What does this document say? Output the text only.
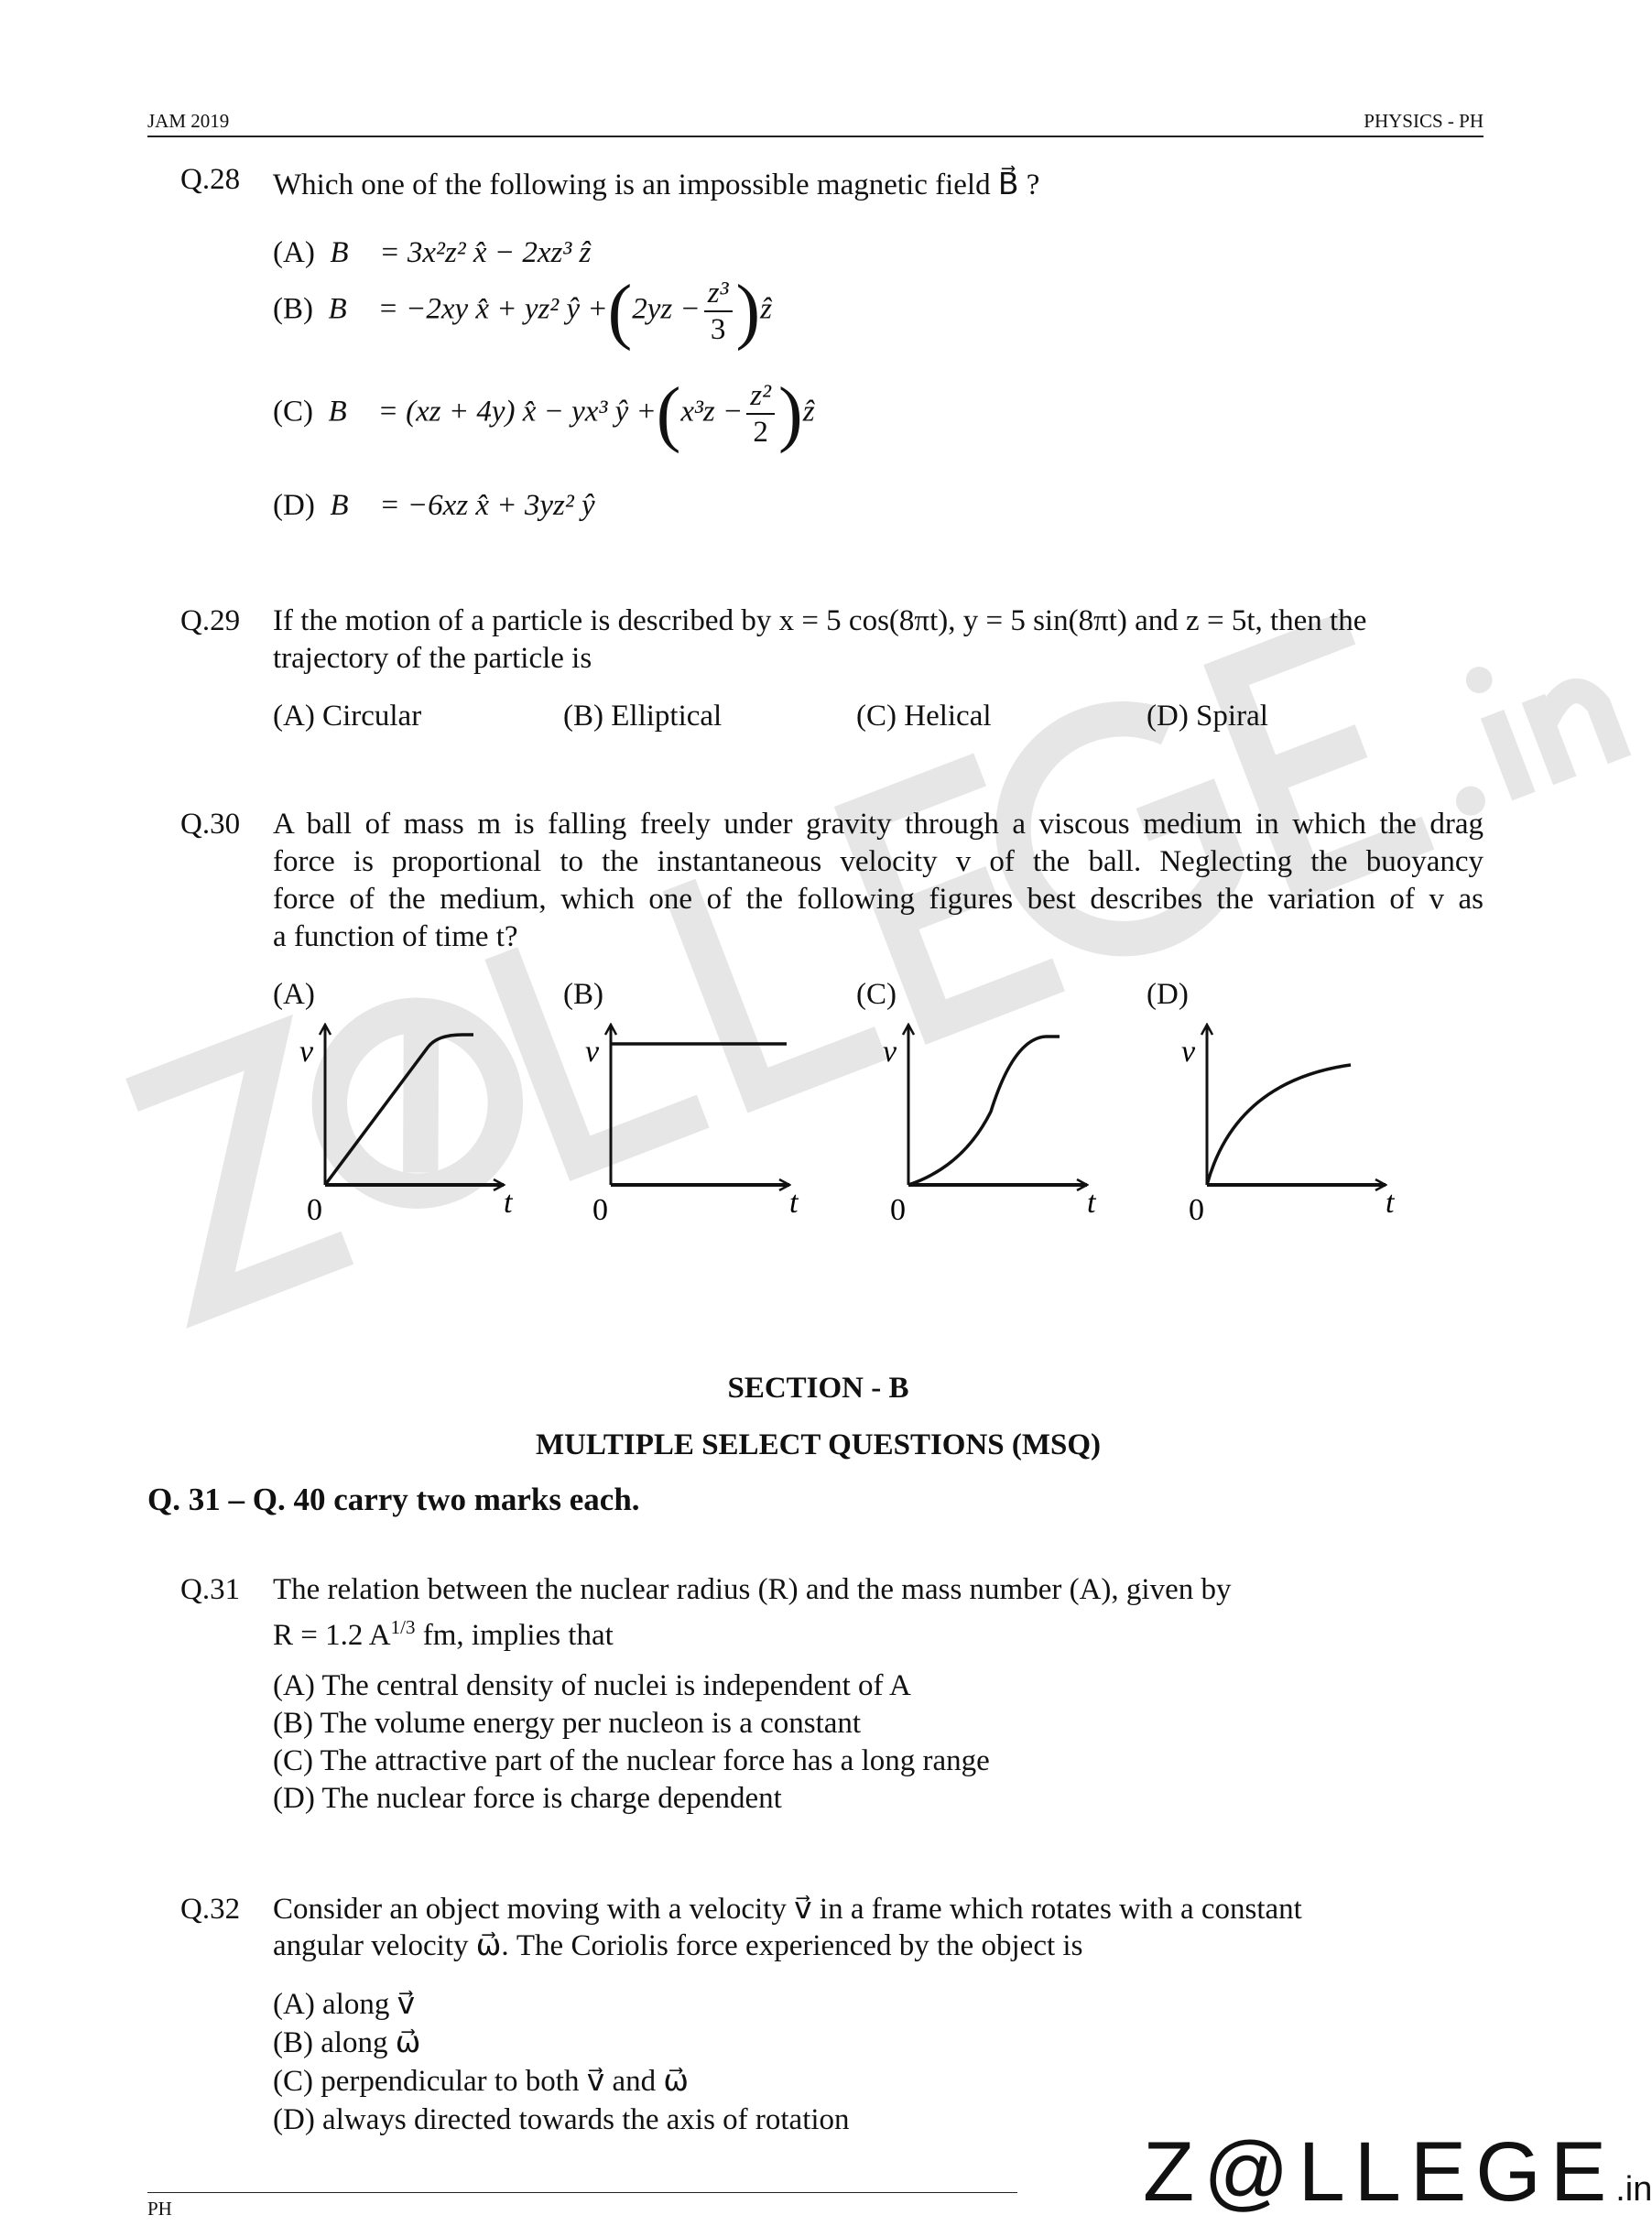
JAM 2019	PHYSICS - PH
Q.28 Which one of the following is an impossible magnetic field B⃗ ?
(A) B⃗ = 3x²z² x̂ − 2xz³ ẑ
(B) B⃗ = −2xy x̂ + yz² ŷ $+(2yz - \frac{\text{z³}}{3}$ )ẑ
(C) B⃗ = (xz + 4y) x̂ − yx³ ŷ $+(x^3z - \frac{\text{z²}}{2}$ )ẑ
(D) B⃗ = −6xz x̂ + 3yz² ŷ
Q.29 If the motion of a particle is described by x = 5 cos(8πt), y = 5 sin(8πt) and z = 5t, then the
trajectory of the particle is
(A) Circular	(B) Elliptical	(C) Helical	(D) Spiral
Q.30 A ball of mass m is falling freely under gravity through a viscous medium in which the drag
force is proportional to the instantaneous velocity v of the ball. Neglecting the buoyancy
force of the medium, which one of the following figures best describes the variation of v as
a function of time t?
(A)	(B)	(C)	(D)
v
0	t
v
0	t
v
0	t
v
0	t
SECTION - B
MULTIPLE SELECT QUESTIONS (MSQ)
Q. 31 – Q. 40 carry two marks each.
Q.31 The relation between the nuclear radius (R) and the mass number (A), given by
R = 1.2 $A^{1/3}$ fm, implies that
(A) The central density of nuclei is independent of A
(B) The volume energy per nucleon is a constant
(C) The attractive part of the nuclear force has a long range
(D) The nuclear force is charge dependent
Q.32 Consider an object moving with a velocity v⃗ in a frame which rotates with a constant
angular velocity ω⃗. The Coriolis force experienced by the object is
(A) along v⃗
(B) along ω⃗
(C) perpendicular to both v⃗ and ω⃗
(D) always directed towards the axis of rotation
PH	Z@LLEGE.in
